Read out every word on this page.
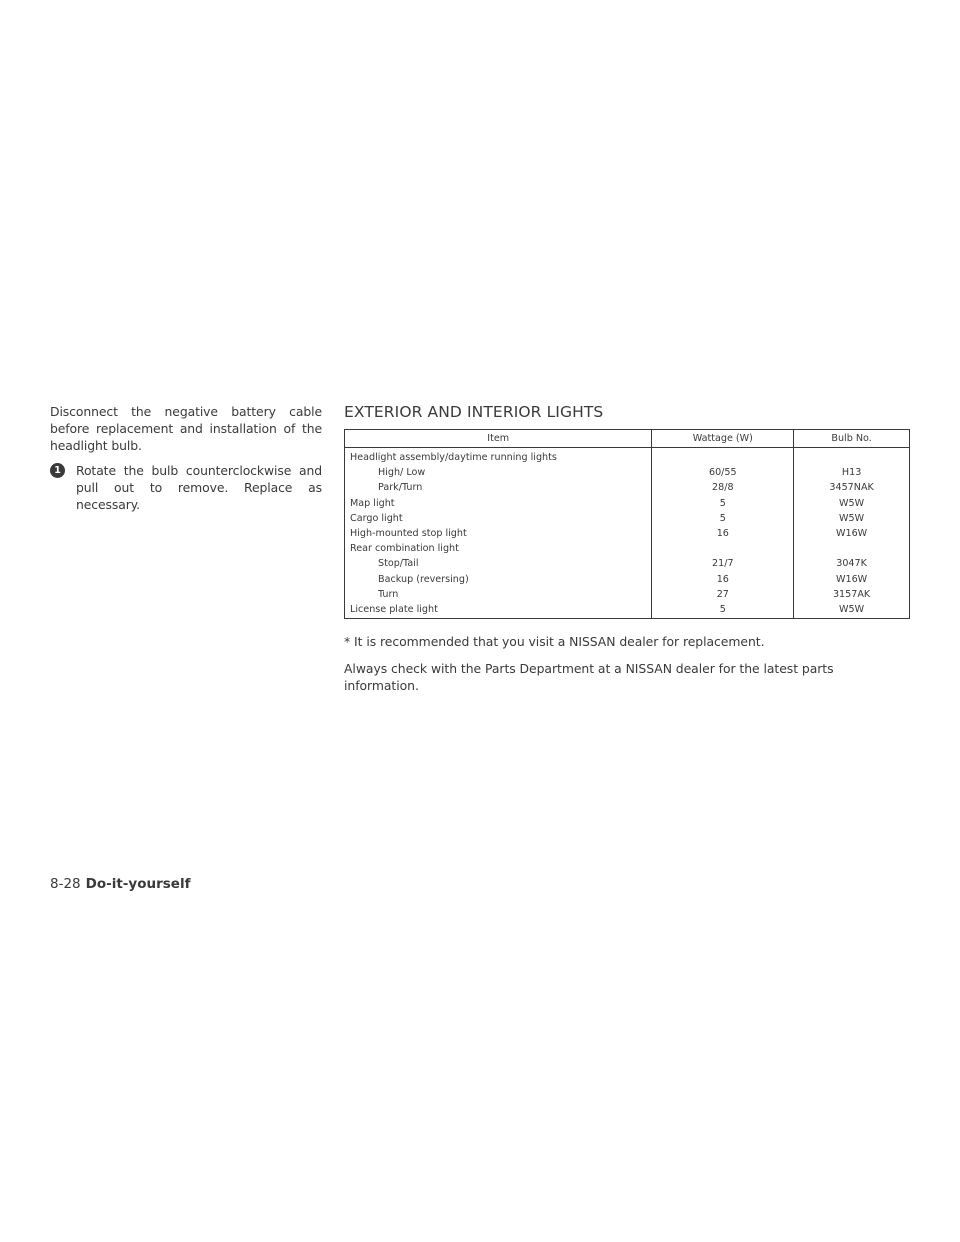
Disconnect the negative battery cable before replacement and installation of the headlight bulb.

1	Rotate the bulb counterclockwise and pull out to remove. Replace as necessary.
EXTERIOR AND INTERIOR LIGHTS
Item	Wattage (W)	Bulb No.
Headlight assembly/daytime running lights		
High/ Low	60/55	H13
Park/Turn	28/8	3457NAK
Map light	5	W5W
Cargo light	5	W5W
High-mounted stop light	16	W16W
Rear combination light		
Stop/Tail	21/7	3047K
Backup (reversing)	16	W16W
Turn	27	3157AK
License plate light	5	W5W

* It is recommended that you visit a NISSAN dealer for replacement.

Always check with the Parts Department at a NISSAN dealer for the latest parts information.

8-28 Do-it-yourself
